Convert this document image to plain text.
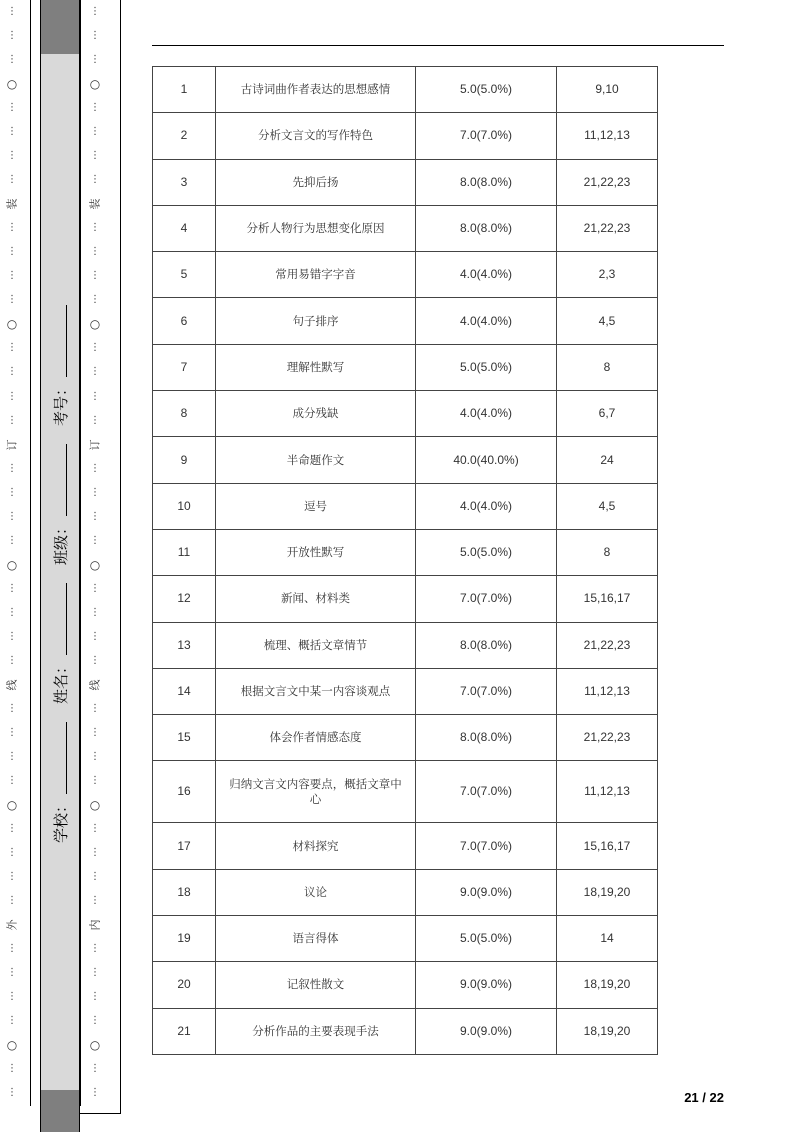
⋮
⋮
⋮
○
⋮
⋮
⋮
⋮
装
⋮
⋮
⋮
⋮
○
⋮
⋮
⋮
⋮
订
⋮
⋮
⋮
⋮
○
⋮
⋮
⋮
⋮
线
⋮
⋮
⋮
⋮
○
⋮
⋮
⋮
⋮
外
⋮
⋮
⋮
⋮
○
⋮
⋮
学校：
姓名：
班级：
考号：
⋮
⋮
⋮
○
⋮
⋮
⋮
⋮
装
⋮
⋮
⋮
⋮
○
⋮
⋮
⋮
⋮
订
⋮
⋮
⋮
⋮
○
⋮
⋮
⋮
⋮
线
⋮
⋮
⋮
⋮
○
⋮
⋮
⋮
⋮
内
⋮
⋮
⋮
⋮
○
⋮
⋮
1	古诗词曲作者表达的思想感情	5.0(5.0%)	9,10
2	分析文言文的写作特色	7.0(7.0%)	11,12,13
3	先抑后扬	8.0(8.0%)	21,22,23
4	分析人物行为思想变化原因	8.0(8.0%)	21,22,23
5	常用易错字字音	4.0(4.0%)	2,3
6	句子排序	4.0(4.0%)	4,5
7	理解性默写	5.0(5.0%)	8
8	成分残缺	4.0(4.0%)	6,7
9	半命题作文	40.0(40.0%)	24
10	逗号	4.0(4.0%)	4,5
11	开放性默写	5.0(5.0%)	8
12	新闻、材料类	7.0(7.0%)	15,16,17
13	梳理、概括文章情节	8.0(8.0%)	21,22,23
14	根据文言文中某一内容谈观点	7.0(7.0%)	11,12,13
15	体会作者情感态度	8.0(8.0%)	21,22,23
16	归纳文言文内容要点，概括文章中心	7.0(7.0%)	11,12,13
17	材料探究	7.0(7.0%)	15,16,17
18	议论	9.0(9.0%)	18,19,20
19	语言得体	5.0(5.0%)	14
20	记叙性散文	9.0(9.0%)	18,19,20
21	分析作品的主要表现手法	9.0(9.0%)	18,19,20
21 / 22
